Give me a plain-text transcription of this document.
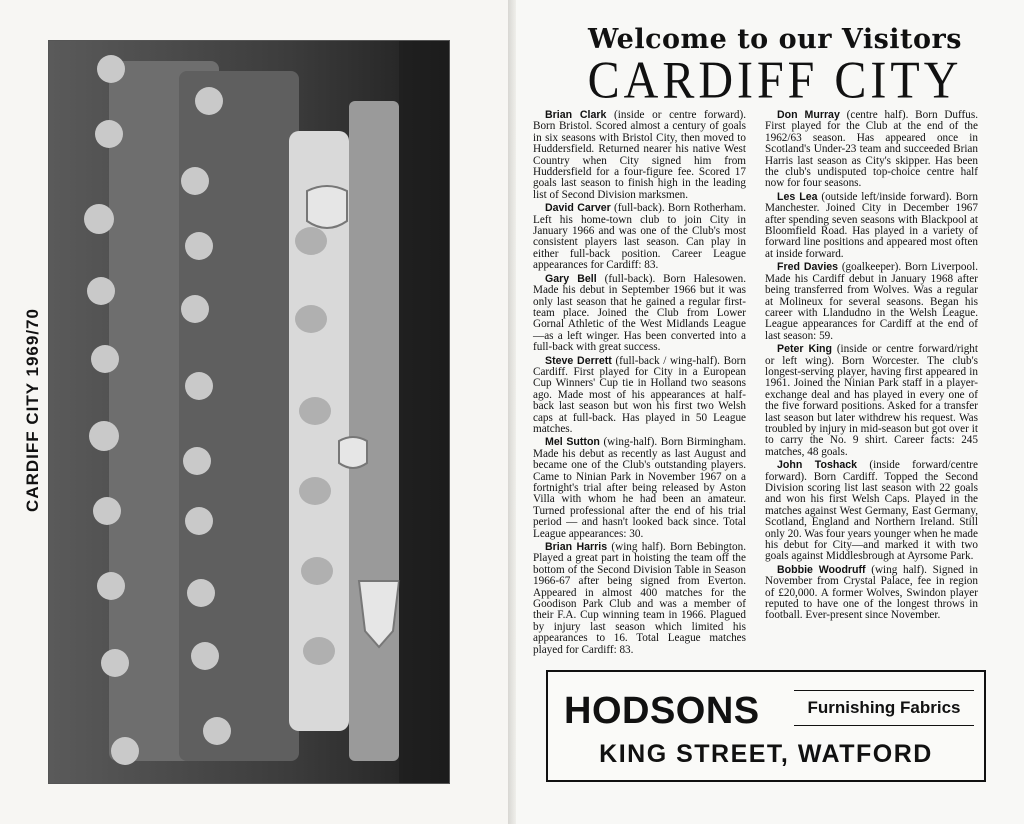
CARDIFF CITY 1969/70
Welcome to our Visitors
CARDIFF CITY

Brian Clark (inside or centre forward). Born Bristol. Scored almost a century of goals in six seasons with Bristol City, then moved to Huddersfield. Returned nearer his native West Country when City signed him from Huddersfield for a four-figure fee. Scored 17 goals last season to finish high in the leading list of Second Division marksmen.

David Carver (full-back). Born Rotherham. Left his home-town club to join City in January 1966 and was one of the Club's most consistent players last season. Can play in either full-back position. Career League appearances for Cardiff: 83.

Gary Bell (full-back). Born Halesowen. Made his debut in September 1966 but it was only last season that he gained a regular first-team place. Joined the Club from Lower Gornal Athletic of the West Midlands League—as a left winger. Has been converted into a full-back with great success.

Steve Derrett (full-back / wing-half). Born Cardiff. First played for City in a European Cup Winners' Cup tie in Holland two seasons ago. Made most of his appearances at half-back last season but won his first two Welsh caps at full-back. Has played in 50 League matches.

Mel Sutton (wing-half). Born Birmingham. Made his debut as recently as last August and became one of the Club's outstanding players. Came to Ninian Park in November 1967 on a fortnight's trial after being released by Aston Villa with whom he had been an amateur. Turned professional after the end of his trial period — and hasn't looked back since. Total League appearances: 30.

Brian Harris (wing half). Born Bebington. Played a great part in hoisting the team off the bottom of the Second Division Table in Season 1966-67 after being signed from Everton. Appeared in almost 400 matches for the Goodison Park Club and was a member of their F.A. Cup winning team in 1966. Plagued by injury last season which limited his appearances to 16. Total League matches played for Cardiff: 83.

Don Murray (centre half). Born Duffus. First played for the Club at the end of the 1962/63 season. Has appeared once in Scotland's Under-23 team and succeeded Brian Harris last season as City's skipper. Has been the club's undisputed top-choice centre half now for four seasons.

Les Lea (outside left/inside forward). Born Manchester. Joined City in December 1967 after spending seven seasons with Blackpool at Bloomfield Road. Has played in a variety of forward line positions and appeared most often at inside forward.

Fred Davies (goalkeeper). Born Liverpool. Made his Cardiff debut in January 1968 after being transferred from Wolves. Was a regular at Molineux for several seasons. Began his career with Llandudno in the Welsh League. League appearances for Cardiff at the end of last season: 59.

Peter King (inside or centre forward/right or left wing). Born Worcester. The club's longest-serving player, having first appeared in 1961. Joined the Ninian Park staff in a player-exchange deal and has played in every one of the five forward positions. Asked for a transfer last season but later withdrew his request. Was troubled by injury in mid-season but got over it to carry the No. 9 shirt. Career facts: 245 matches, 48 goals.

John Toshack (inside forward/centre forward). Born Cardiff. Topped the Second Division scoring list last season with 22 goals and won his first Welsh Caps. Played in the matches against West Germany, East Germany, Scotland, England and Northern Ireland. Still only 20. Was four years younger when he made his debut for City—and marked it with two goals against Middlesbrough at Ayrsome Park.

Bobbie Woodruff (wing half). Signed in November from Crystal Palace, fee in region of £20,000. A former Wolves, Swindon player reputed to have one of the longest throws in football. Ever-present since November.

HODSONS	Furnishing Fabrics
KING STREET, WATFORD
